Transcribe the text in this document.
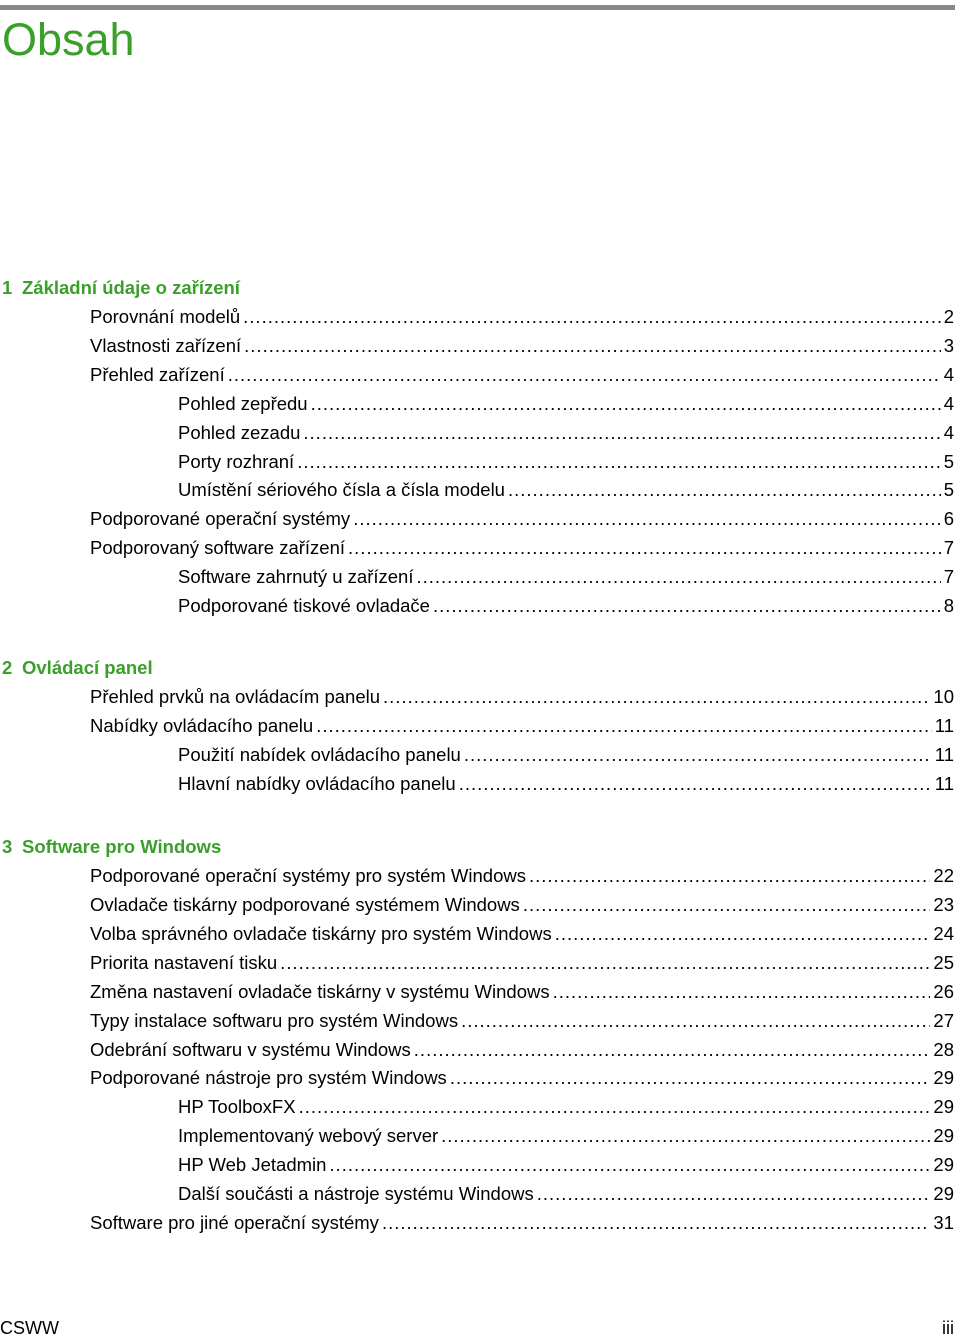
Obsah
1 Základní údaje o zařízení
Porovnání modelů .....	2
Vlastnosti zařízení .....	3
Přehled zařízení .....	4
Pohled zepředu .....	4
Pohled zezadu .....	4
Porty rozhraní .....	5
Umístění sériového čísla a čísla modelu .....	5
Podporované operační systémy .....	6
Podporovaný software zařízení .....	7
Software zahrnutý u zařízení .....	7
Podporované tiskové ovladače .....	8
2 Ovládací panel
Přehled prvků na ovládacím panelu .....	10
Nabídky ovládacího panelu .....	11
Použití nabídek ovládacího panelu .....	11
Hlavní nabídky ovládacího panelu .....	11
3 Software pro Windows
Podporované operační systémy pro systém Windows .....	22
Ovladače tiskárny podporované systémem Windows .....	23
Volba správného ovladače tiskárny pro systém Windows .....	24
Priorita nastavení tisku .....	25
Změna nastavení ovladače tiskárny v systému Windows .....	26
Typy instalace softwaru pro systém Windows .....	27
Odebrání softwaru v systému Windows .....	28
Podporované nástroje pro systém Windows .....	29
HP ToolboxFX .....	29
Implementovaný webový server .....	29
HP Web Jetadmin .....	29
Další součásti a nástroje systému Windows .....	29
Software pro jiné operační systémy .....	31
CSWW	iii
